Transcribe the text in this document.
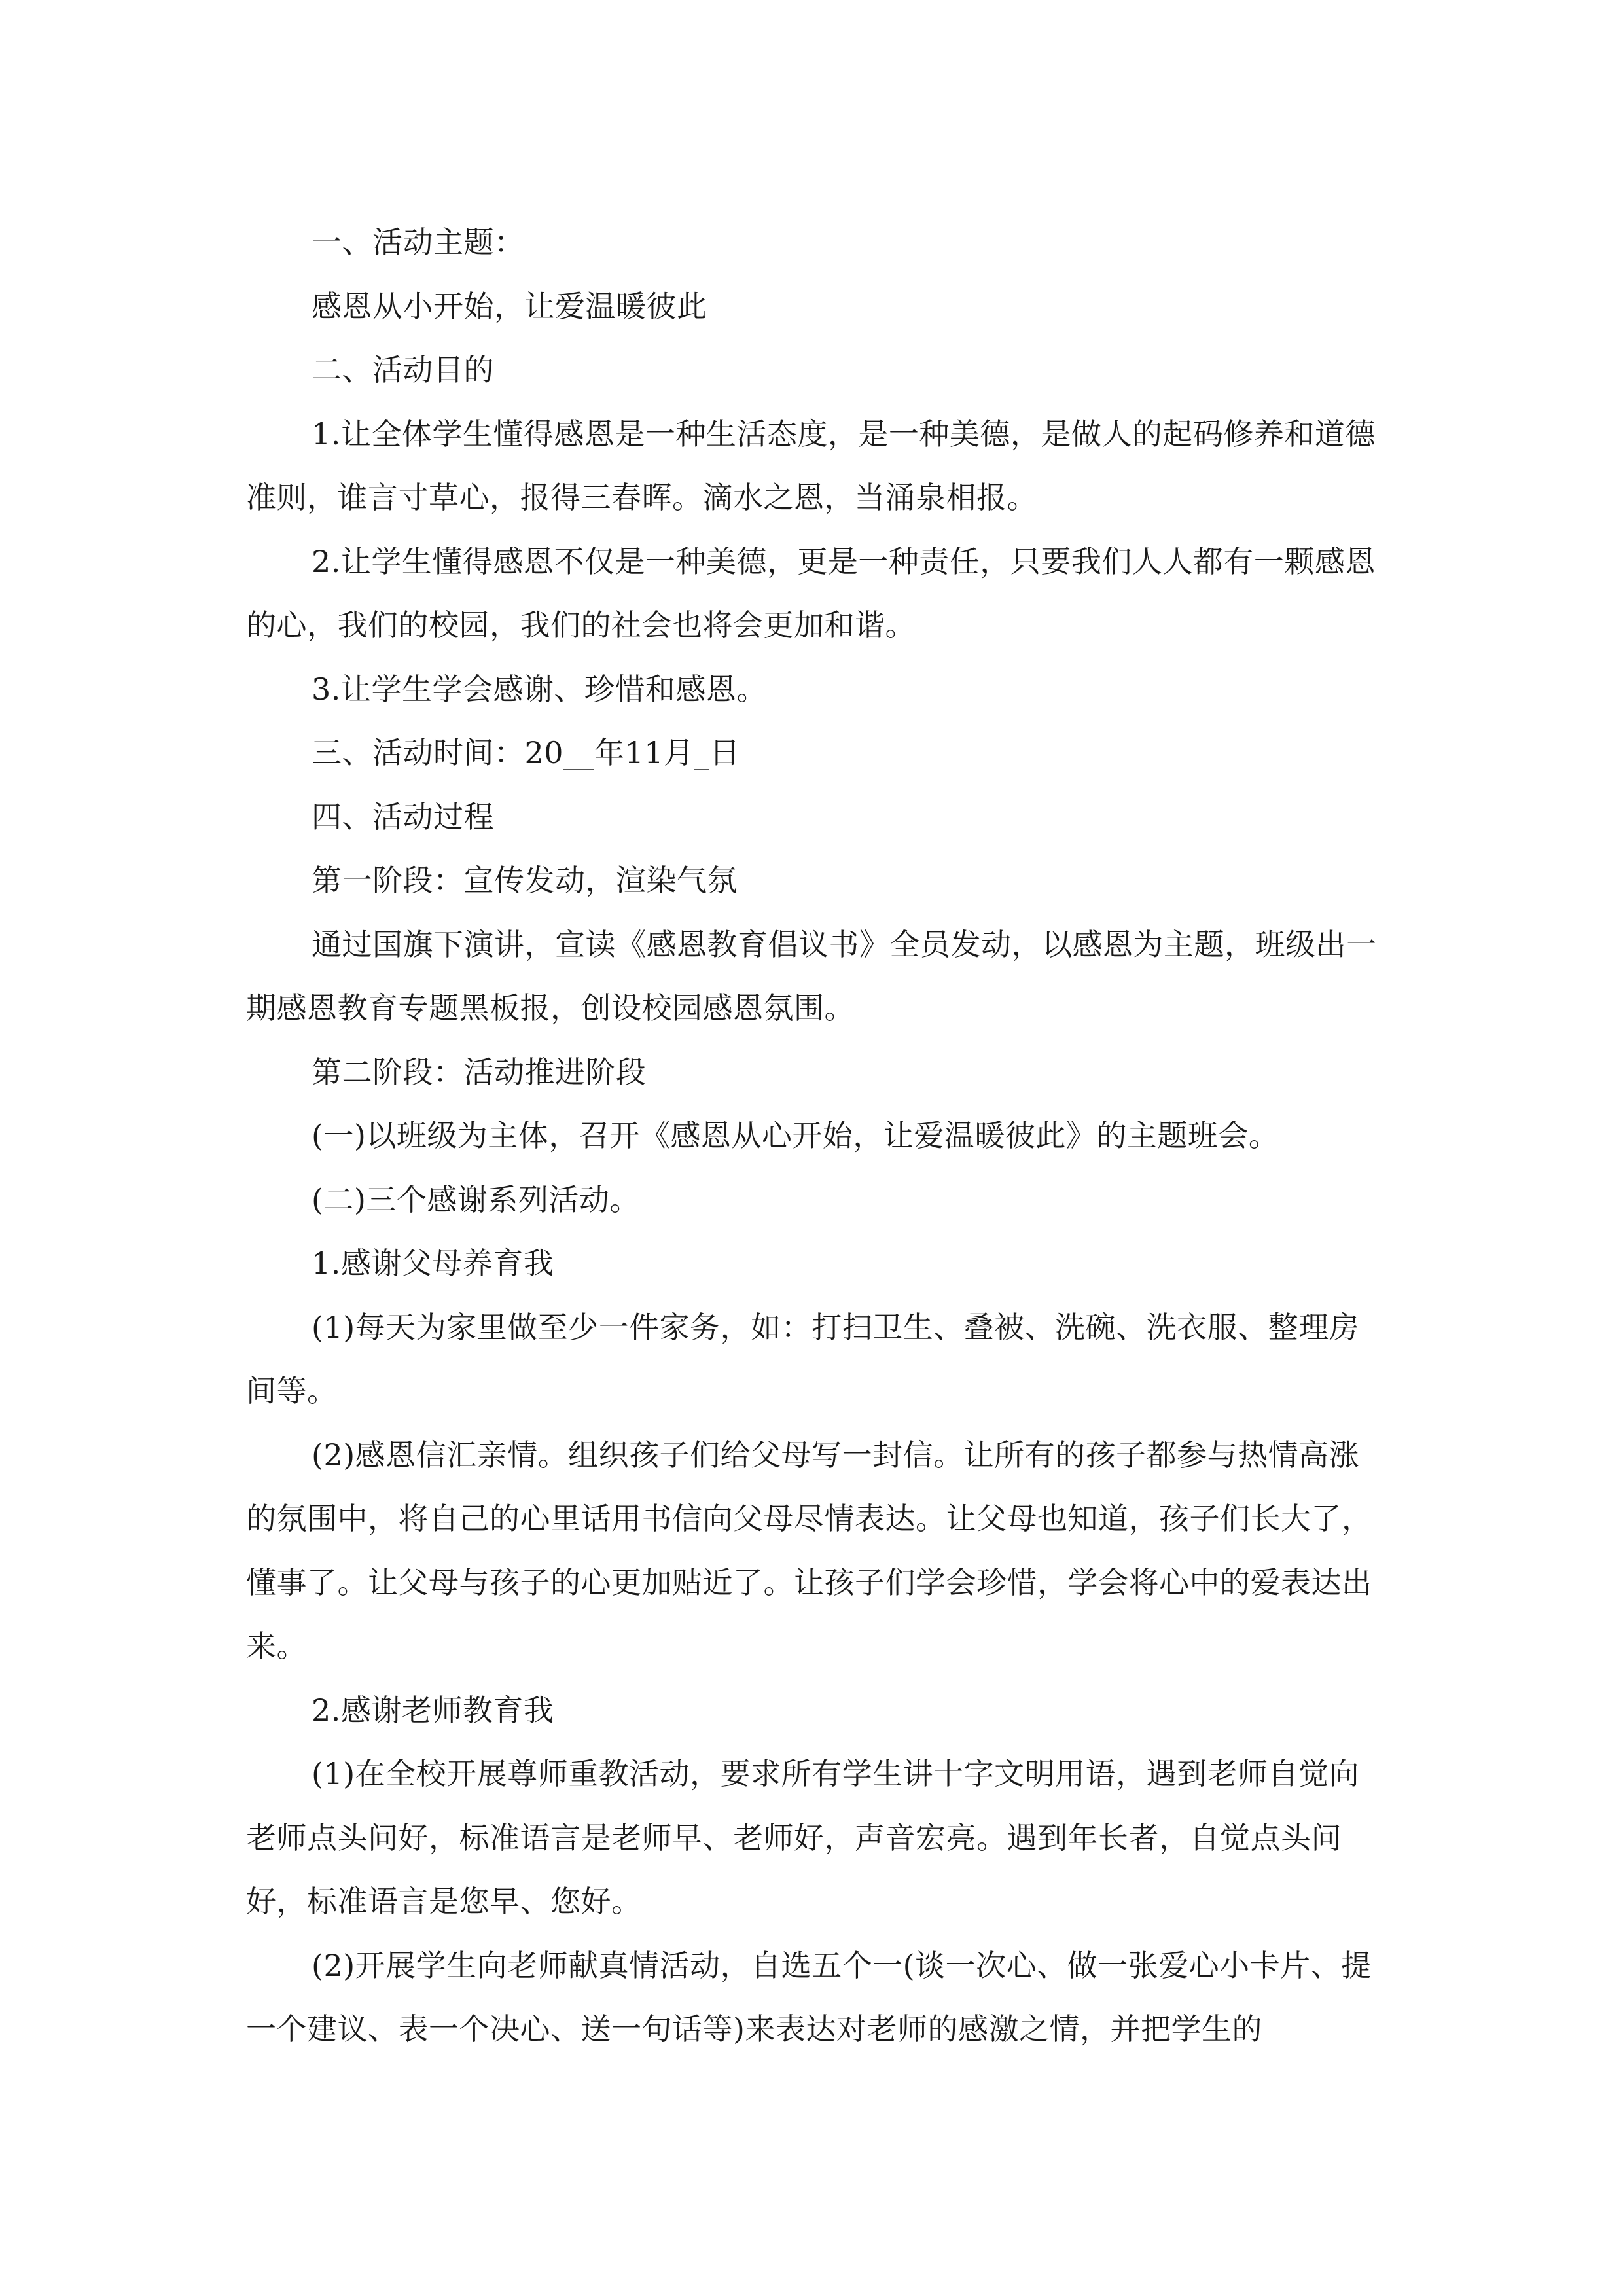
一、活动主题：

感恩从小开始，让爱温暖彼此

二、活动目的

1.让全体学生懂得感恩是一种生活态度，是一种美德，是做人的起码修养和道德准则，谁言寸草心，报得三春晖。滴水之恩，当涌泉相报。

2.让学生懂得感恩不仅是一种美德，更是一种责任，只要我们人人都有一颗感恩的心，我们的校园，我们的社会也将会更加和谐。

3.让学生学会感谢、珍惜和感恩。

三、活动时间：20__年11月_日

四、活动过程

第一阶段：宣传发动，渲染气氛

通过国旗下演讲，宣读《感恩教育倡议书》全员发动，以感恩为主题，班级出一期感恩教育专题黑板报，创设校园感恩氛围。

第二阶段：活动推进阶段

(一)以班级为主体，召开《感恩从心开始，让爱温暖彼此》的主题班会。

(二)三个感谢系列活动。

1.感谢父母养育我

(1)每天为家里做至少一件家务，如：打扫卫生、叠被、洗碗、洗衣服、整理房间等。

(2)感恩信汇亲情。组织孩子们给父母写一封信。让所有的孩子都参与热情高涨的氛围中，将自己的心里话用书信向父母尽情表达。让父母也知道，孩子们长大了，懂事了。让父母与孩子的心更加贴近了。让孩子们学会珍惜，学会将心中的爱表达出来。

2.感谢老师教育我

(1)在全校开展尊师重教活动，要求所有学生讲十字文明用语，遇到老师自觉向老师点头问好，标准语言是老师早、老师好，声音宏亮。遇到年长者，自觉点头问好，标准语言是您早、您好。

(2)开展学生向老师献真情活动，自选五个一(谈一次心、做一张爱心小卡片、提一个建议、表一个决心、送一句话等)来表达对老师的感激之情，并把学生的
